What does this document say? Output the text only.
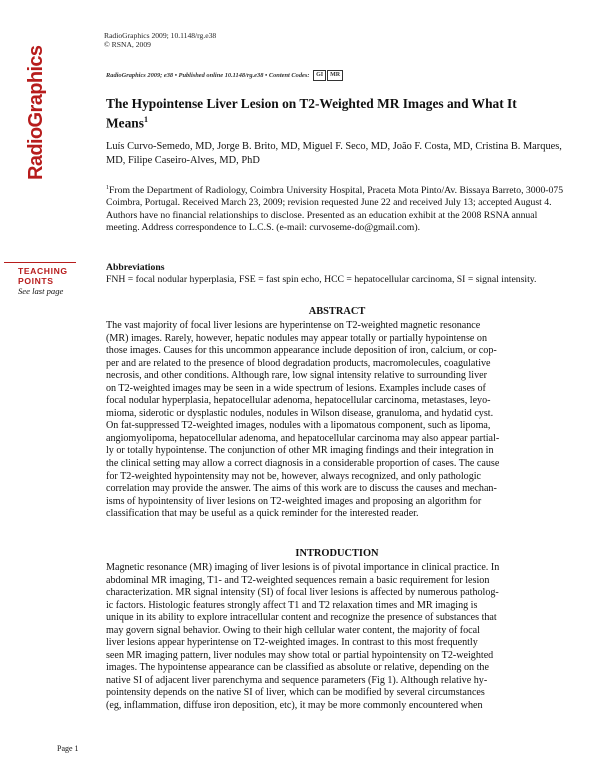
RadioGraphics
RadioGraphics 2009; 10.1148/rg.e38
© RSNA, 2009
RadioGraphics 2009; e38 • Published online 10.1148/rg.e38 • Content Codes: GI MR
The Hypointense Liver Lesion on T2-Weighted MR Images and What It Means$^1$
Luís Curvo-Semedo, MD, Jorge B. Brito, MD, Miguel F. Seco, MD, João F. Costa, MD, Cristina B. Marques, MD, Filipe Caseiro-Alves, MD, PhD
$^1$From the Department of Radiology, Coimbra University Hospital, Praceta Mota Pinto/Av. Bissaya Barreto, 3000-075 Coimbra, Portugal. Received March 23, 2009; revision requested June 22 and received July 13; accepted August 4. Authors have no financial relationships to disclose. Presented as an education exhibit at the 2008 RSNA annual meeting. Address correspondence to L.C.S. (e-mail: curvoseme-do@gmail.com).
TEACHING POINTS
See last page
Abbreviations
FNH = focal nodular hyperplasia, FSE = fast spin echo, HCC = hepatocellular carcinoma, SI = signal intensity.
ABSTRACT
The vast majority of focal liver lesions are hyperintense on T2-weighted magnetic resonance
(MR) images. Rarely, however, hepatic nodules may appear totally or partially hypointense on
those images. Causes for this uncommon appearance include deposition of iron, calcium, or cop-
per and are related to the presence of blood degradation products, macromolecules, coagulative
necrosis, and other conditions. Although rare, low signal intensity relative to surrounding liver
on T2-weighted images may be seen in a wide spectrum of lesions. Examples include cases of
focal nodular hyperplasia, hepatocellular adenoma, hepatocellular carcinoma, metastases, leyo-
mioma, siderotic or dysplastic nodules, nodules in Wilson disease, granuloma, and hydatid cyst.
On fat-suppressed T2-weighted images, nodules with a lipomatous component, such as lipoma,
angiomyolipoma, hepatocellular adenoma, and hepatocellular carcinoma may also appear partial-
ly or totally hypointense. The conjunction of other MR imaging findings and their integration in
the clinical setting may allow a correct diagnosis in a considerable proportion of cases. The cause
for T2-weighted hypointensity may not be, however, always recognized, and only pathologic
correlation may provide the answer. The aims of this work are to discuss the causes and mechan-
isms of hypointensity of liver lesions on T2-weighted images and proposing an algorithm for
classification that may be useful as a quick reminder for the interested reader.
INTRODUCTION
Magnetic resonance (MR) imaging of liver lesions is of pivotal importance in clinical practice. In
abdominal MR imaging, T1- and T2-weighted sequences remain a basic requirement for lesion
characterization. MR signal intensity (SI) of focal liver lesions is affected by numerous patholog-
ic factors. Histologic features strongly affect T1 and T2 relaxation times and MR imaging is
unique in its ability to explore intracellular content and recognize the presence of substances that
may govern signal behavior. Owing to their high cellular water content, the majority of focal
liver lesions appear hyperintense on T2-weighted images. In contrast to this most frequently
seen MR imaging pattern, liver nodules may show total or partial hypointensity on T2-weighted
images. The hypointense appearance can be classified as absolute or relative, depending on the
native SI of adjacent liver parenchyma and sequence parameters (Fig 1). Although relative hy-
pointensity depends on the native SI of liver, which can be modified by several circumstances
(eg, inflammation, diffuse iron deposition, etc), it may be more commonly encountered when
Page 1
